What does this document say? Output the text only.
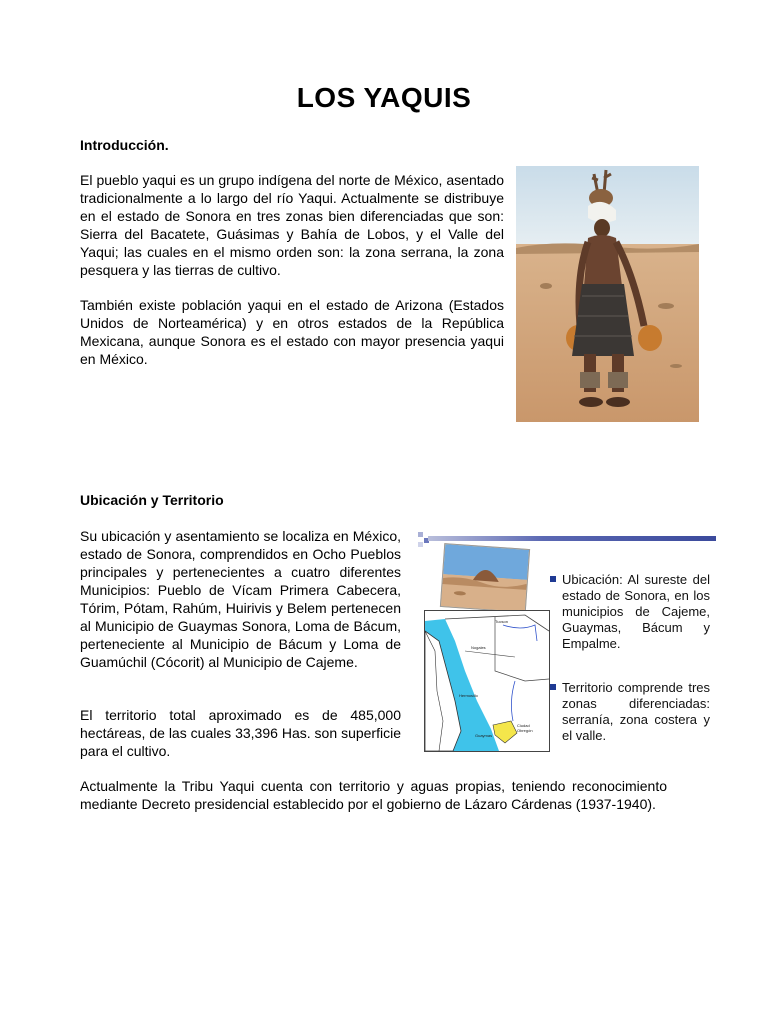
LOS YAQUIS
Introducción.

El pueblo yaqui es un grupo indígena del norte de México, asentado tradicionalmente a lo largo del río Yaqui. Actualmente se distribuye en el estado de Sonora en tres zonas bien diferenciadas que son: Sierra del Bacatete, Guásimas y Bahía de Lobos, y el Valle del Yaqui; las cuales en el mismo orden son: la zona serrana, la zona pesquera y las tierras de cultivo.

También existe población yaqui en el estado de Arizona (Estados Unidos de Norteamérica) y en otros estados de la República Mexicana, aunque Sonora es el estado con mayor presencia yaqui en México.

Ubicación y Territorio

Su ubicación y asentamiento se localiza en México, estado de Sonora, comprendidos en Ocho Pueblos principales y pertenecientes a cuatro diferentes Municipios: Pueblo de Vícam Primera Cabecera, Tórim, Pótam, Rahúm, Huirivis y Belem pertenecen al Municipio de Guaymas Sonora, Loma de Bácum, perteneciente al Municipio de Bácum y Loma de Guamúchil (Cócorit) al Municipio de Cajeme.

El territorio total aproximado es de 485,000 hectáreas, de las cuales 33,396 Has. son superficie para el cultivo.

Actualmente la Tribu Yaqui cuenta con territorio y aguas propias, teniendo reconocimiento mediante Decreto presidencial establecido por el gobierno de Lázaro Cárdenas (1937-1940).

Tucson
Nogales
Hermosillo
Guaymas
Ciudad
Obregón
Ubicación: Al sureste del estado de Sonora, en los municipios de Cajeme, Guaymas, Bácum y Empalme.
Territorio comprende tres zonas diferenciadas: serranía, zona costera y el valle.
